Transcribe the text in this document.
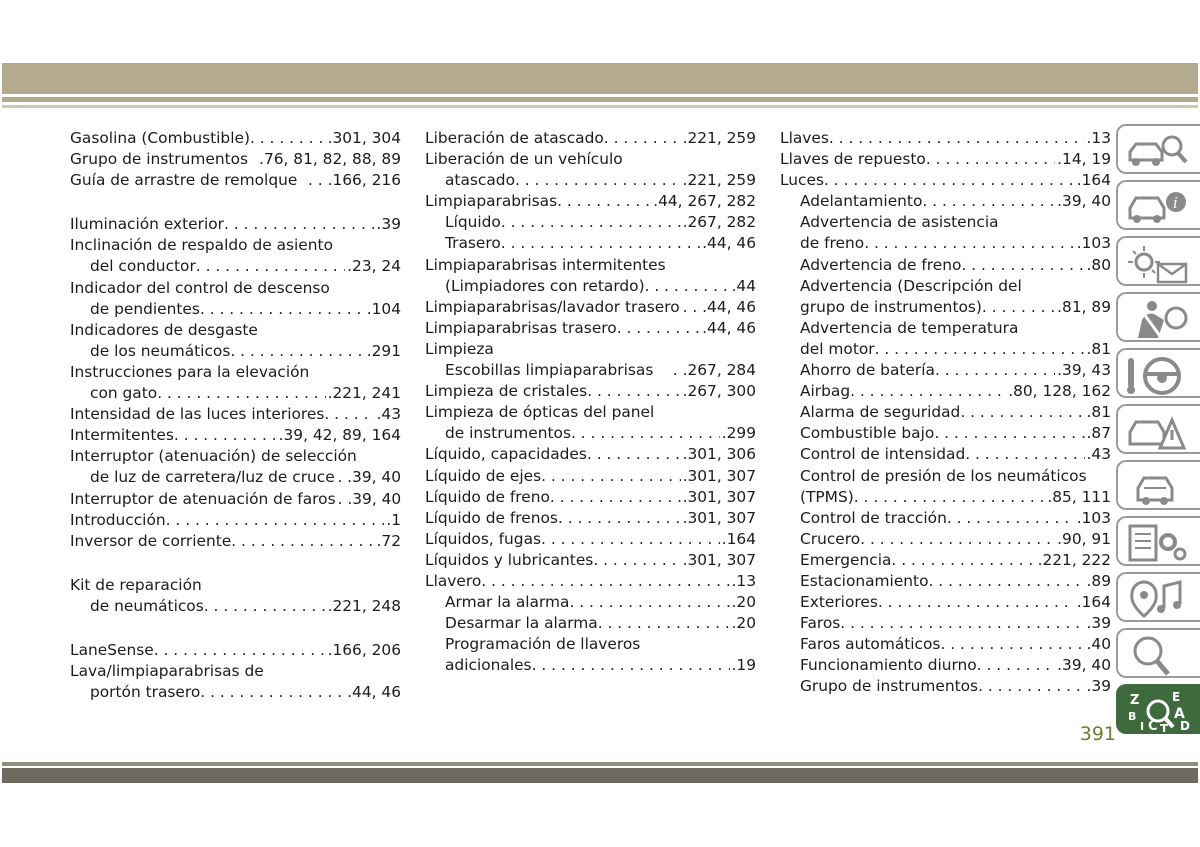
Gasolina (Combustible) . . .	.301, 304
Grupo de instrumentos .76, 81, 82, 88, 89
Guía de arrastre de remolque . . .166, 216
Iluminación exterior . . .	.39
Inclinación de respaldo de asiento
del conductor . . .	.23, 24
Indicador del control de descenso
de pendientes . . .	.104
Indicadores de desgaste
de los neumáticos . . .	.291
Instrucciones para la elevación
con gato . . .	.221, 241
Intensidad de las luces interiores . . .	.43
Intermitentes . . .	.39, 42, 89, 164
Interruptor (atenuación) de selección
de luz de carretera/luz de cruce . .39, 40
Interruptor de atenuación de faros . .39, 40
Introducción . . .	.1
Inversor de corriente . . .	.72
Kit de reparación
de neumáticos . . .	.221, 248
LaneSense . . .	.166, 206
Lava/limpiaparabrisas de
portón trasero . . .	.44, 46
Liberación de atascado . . .	.221, 259
Liberación de un vehículo
atascado . . .	.221, 259
Limpiaparabrisas . . .	.44, 267, 282
Líquido . . .	.267, 282
Trasero . . .	.44, 46
Limpiaparabrisas intermitentes
(Limpiadores con retardo) . . .	.44
Limpiaparabrisas/lavador trasero . . .44, 46
Limpiaparabrisas trasero . . .	.44, 46
Limpieza
Escobillas limpiaparabrisas . .267, 284
Limpieza de cristales . . .	.267, 300
Limpieza de ópticas del panel
de instrumentos . . .	.299
Líquido, capacidades . . .	.301, 306
Líquido de ejes . . .	.301, 307
Líquido de freno . . .	.301, 307
Líquido de frenos . . .	.301, 307
Líquidos, fugas . . .	.164
Líquidos y lubricantes . . .	.301, 307
Llavero . . .	.13
Armar la alarma . . .	.20
Desarmar la alarma . . .	.20
Programación de llaveros
adicionales . . .	.19
Llaves . . .	.13
Llaves de repuesto . . .	.14, 19
Luces . . .	.164
Adelantamiento . . .	.39, 40
Advertencia de asistencia
de freno . . .	.103
Advertencia de freno . . .	.80
Advertencia (Descripción del
grupo de instrumentos) . . .	.81, 89
Advertencia de temperatura
del motor . . .	.81
Ahorro de batería . . .	.39, 43
Airbag . . .	.80, 128, 162
Alarma de seguridad . . .	.81
Combustible bajo . . .	.87
Control de intensidad . . .	.43
Control de presión de los neumáticos
(TPMS) . . .	.85, 111
Control de tracción . . .	.103
Crucero . . .	.90, 91
Emergencia . . .	.221, 222
Estacionamiento . . .	.89
Exteriores . . .	.164
Faros . . .	.39
Faros automáticos . . .	.40
Funcionamiento diurno . . .	.39, 40
Grupo de instrumentos . . .	.39
i
Z	E
B	A
I C T D
391
